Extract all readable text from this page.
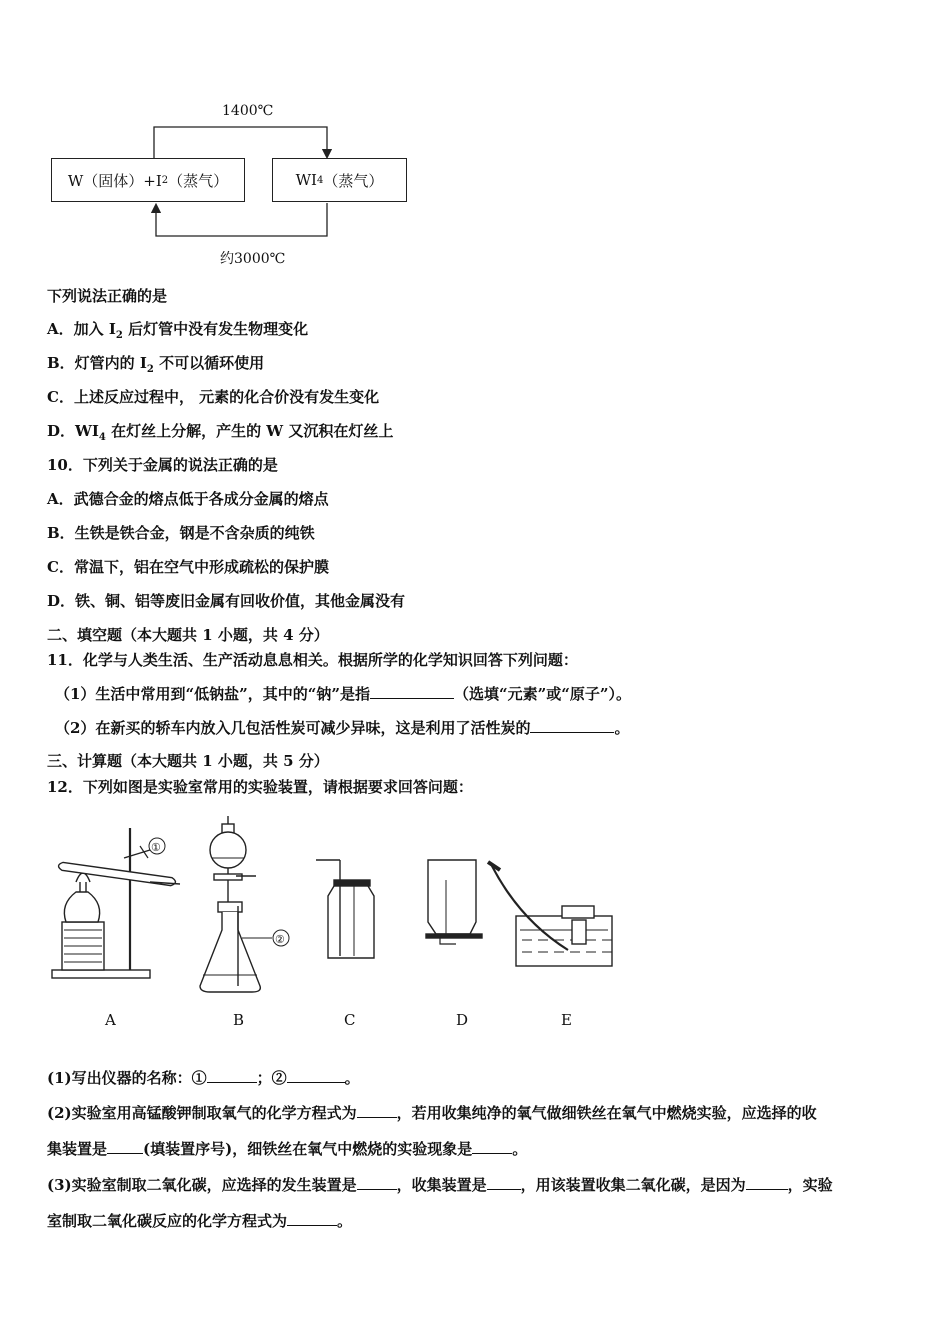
1400℃
约3000℃
W（固体）+I 2 （蒸气）	WI 4 （蒸气）
下列说法正确的是
A．加入 $I_2$ 后灯管中没有发生物理变化
B．灯管内的 $I_2$ 不可以循环使用
C．上述反应过程中， 元素的化合价没有发生变化
D．$WI_4$ 在灯丝上分解，产生的 W 又沉积在灯丝上
10．下列关于金属的说法正确的是
A．武德合金的熔点低于各成分金属的熔点
B．生铁是铁合金，钢是不含杂质的纯铁
C．常温下，铝在空气中形成疏松的保护膜
D．铁、铜、铝等废旧金属有回收价值，其他金属没有
二、填空题（本大题共 1 小题，共 4 分）
11．化学与人类生活、生产活动息息相关。根据所学的化学知识回答下列问题：
（1）生活中常用到“低钠盐”，其中的“钠”是指	（选填“元素”或“原子”）。
（2）在新买的轿车内放入几包活性炭可减少异味，这是利用了活性炭的	。
三、计算题（本大题共 1 小题，共 5 分）
12．下列如图是实验室常用的实验装置，请根据要求回答问题：
①
②
A	B	C	D	E
(1)写出仪器的名称：①	；②	。
(2)实验室用高锰酸钾制取氧气的化学方程式为	，若用收集纯净的氧气做细铁丝在氧气中燃烧实验，应选择的收
集装置是 (填装置序号)，细铁丝在氧气中燃烧的实验现象是	。
(3)实验室制取二氧化碳，应选择的发生装置是	，收集装置是 ，用该装置收集二氧化碳，是因为	，实验
室制取二氧化碳反应的化学方程式为	。
